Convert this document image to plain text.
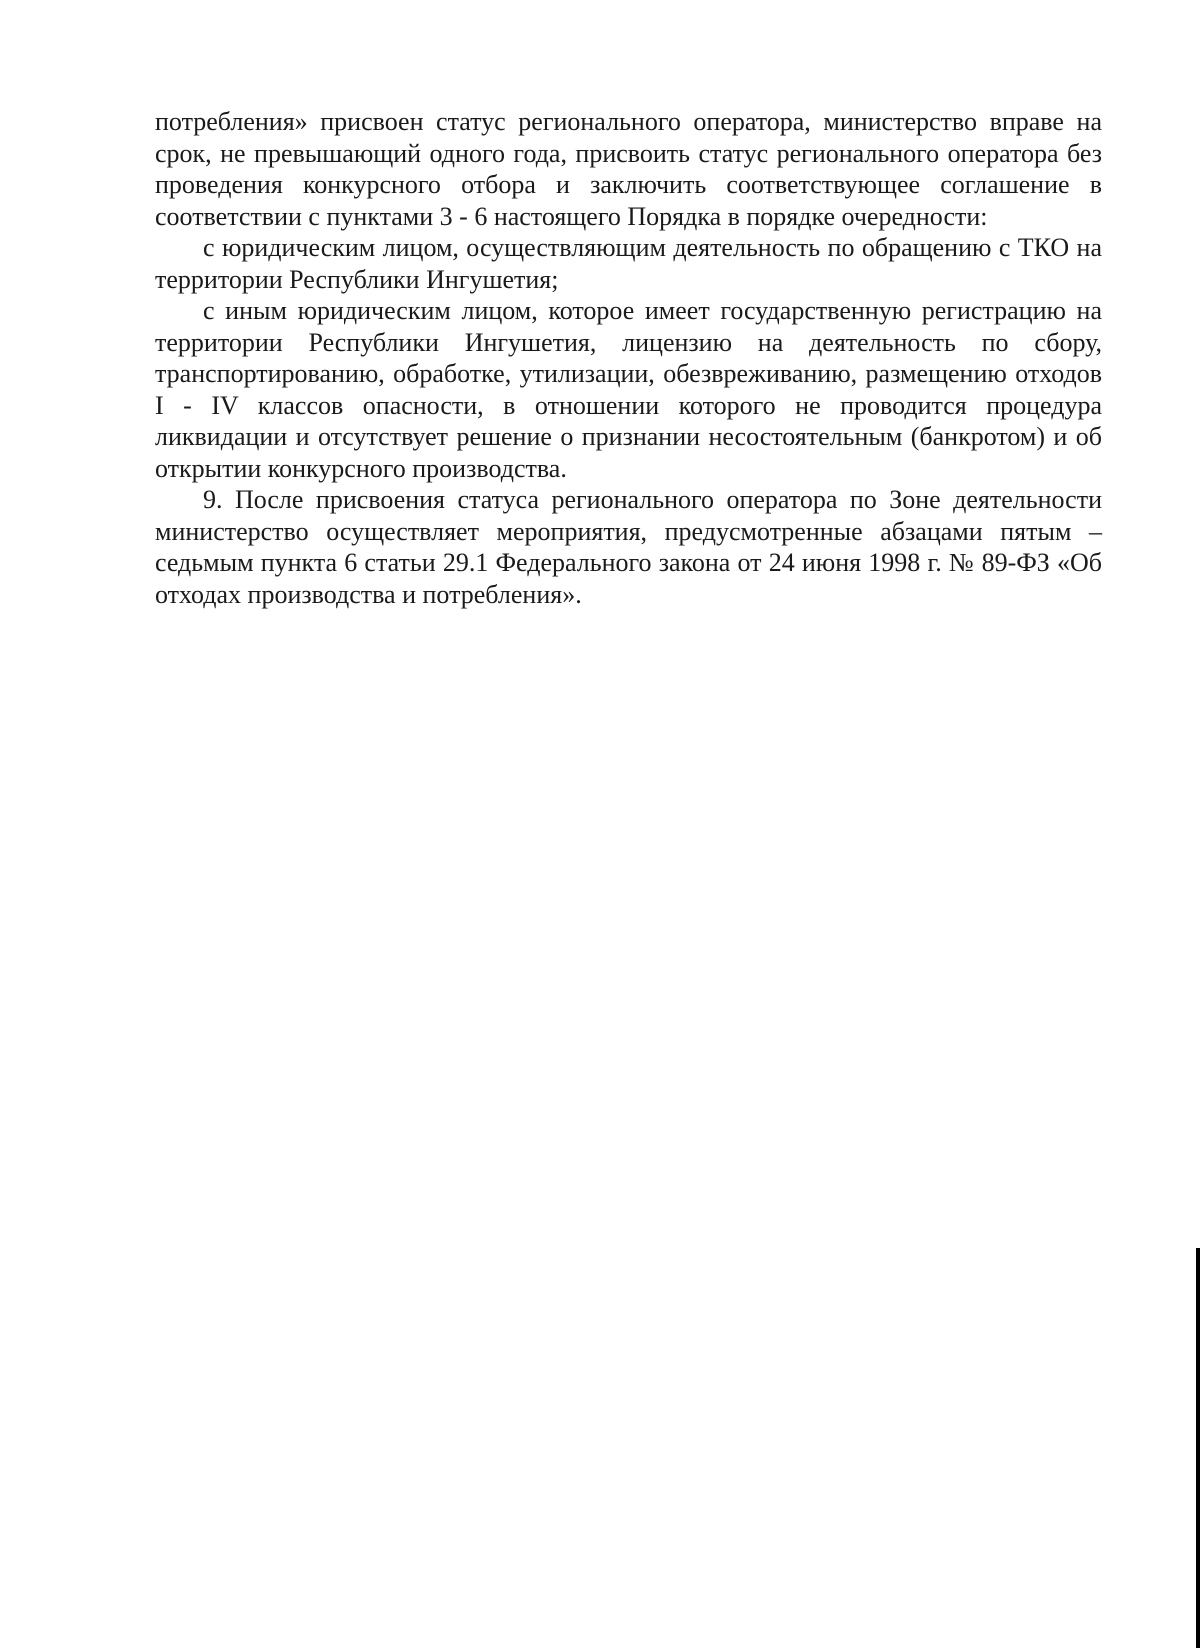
потребления» присвоен статус регионального оператора, министерство вправе на срок, не превышающий одного года, присвоить статус регионального оператора без проведения конкурсного отбора и заключить соответствующее соглашение в соответствии с пунктами 3 - 6 настоящего Порядка в порядке очередности:

с юридическим лицом, осуществляющим деятельность по обращению с ТКО на территории Республики Ингушетия;

с иным юридическим лицом, которое имеет государственную регистрацию на территории Республики Ингушетия, лицензию на деятельность по сбору, транспортированию, обработке, утилизации, обезвреживанию, размещению отходов I - IV классов опасности, в отношении которого не проводится процедура ликвидации и отсутствует решение о признании несостоятельным (банкротом) и об открытии конкурсного производства.

9. После присвоения статуса регионального оператора по Зоне деятельности министерство осуществляет мероприятия, предусмотренные абзацами пятым – седьмым пункта 6 статьи 29.1 Федерального закона от 24 июня 1998 г. № 89-ФЗ «Об отходах производства и потребления».
